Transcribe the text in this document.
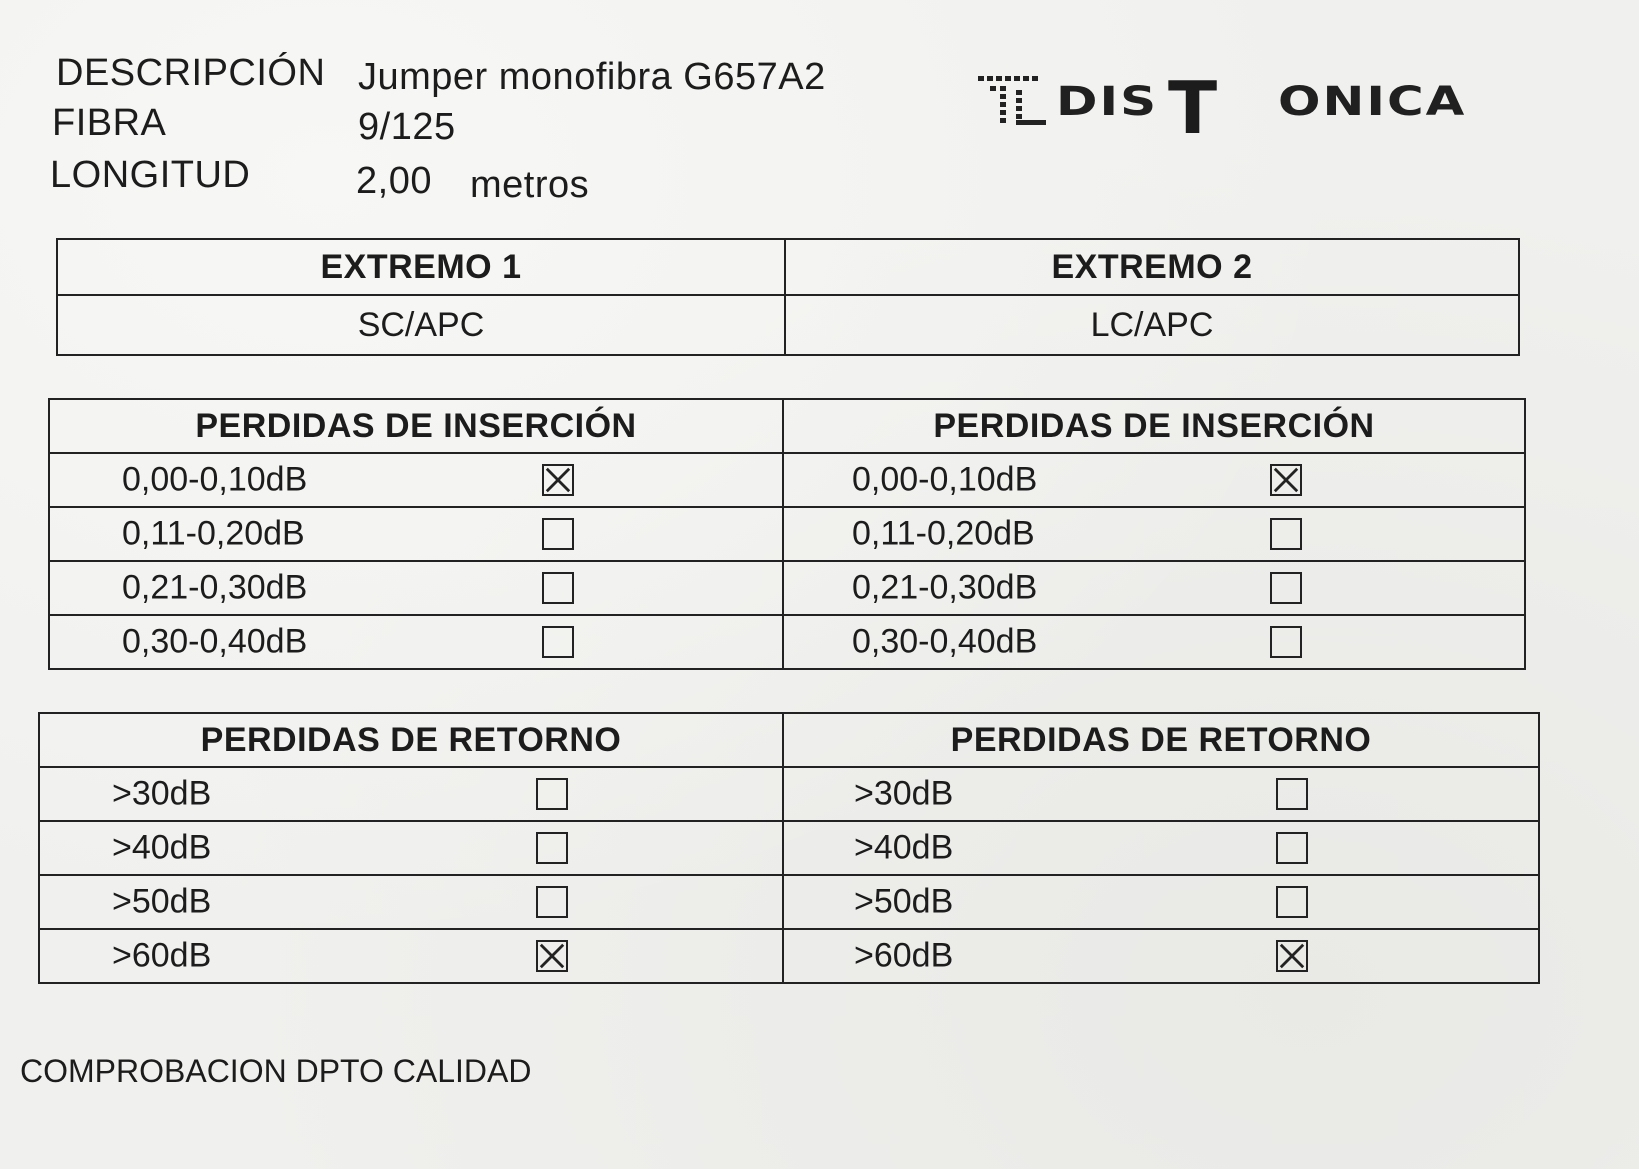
DESCRIPCIÓN Jumper monofibra G657A2
FIBRA	9/125
LONGITUD	2,00 metros
DIS T ONICA
EXTREMO 1	EXTREMO 2
SC/APC	LC/APC
PERDIDAS DE INSERCIÓN	PERDIDAS DE INSERCIÓN

0,00-0,10dB	0,00-0,10dB

0,11-0,20dB	0,11-0,20dB

0,21-0,30dB	0,21-0,30dB

0,30-0,40dB	0,30-0,40dB
PERDIDAS DE RETORNO	PERDIDAS DE RETORNO

>30dB	>30dB

>40dB	>40dB

>50dB	>50dB

>60dB	>60dB
COMPROBACION DPTO CALIDAD
